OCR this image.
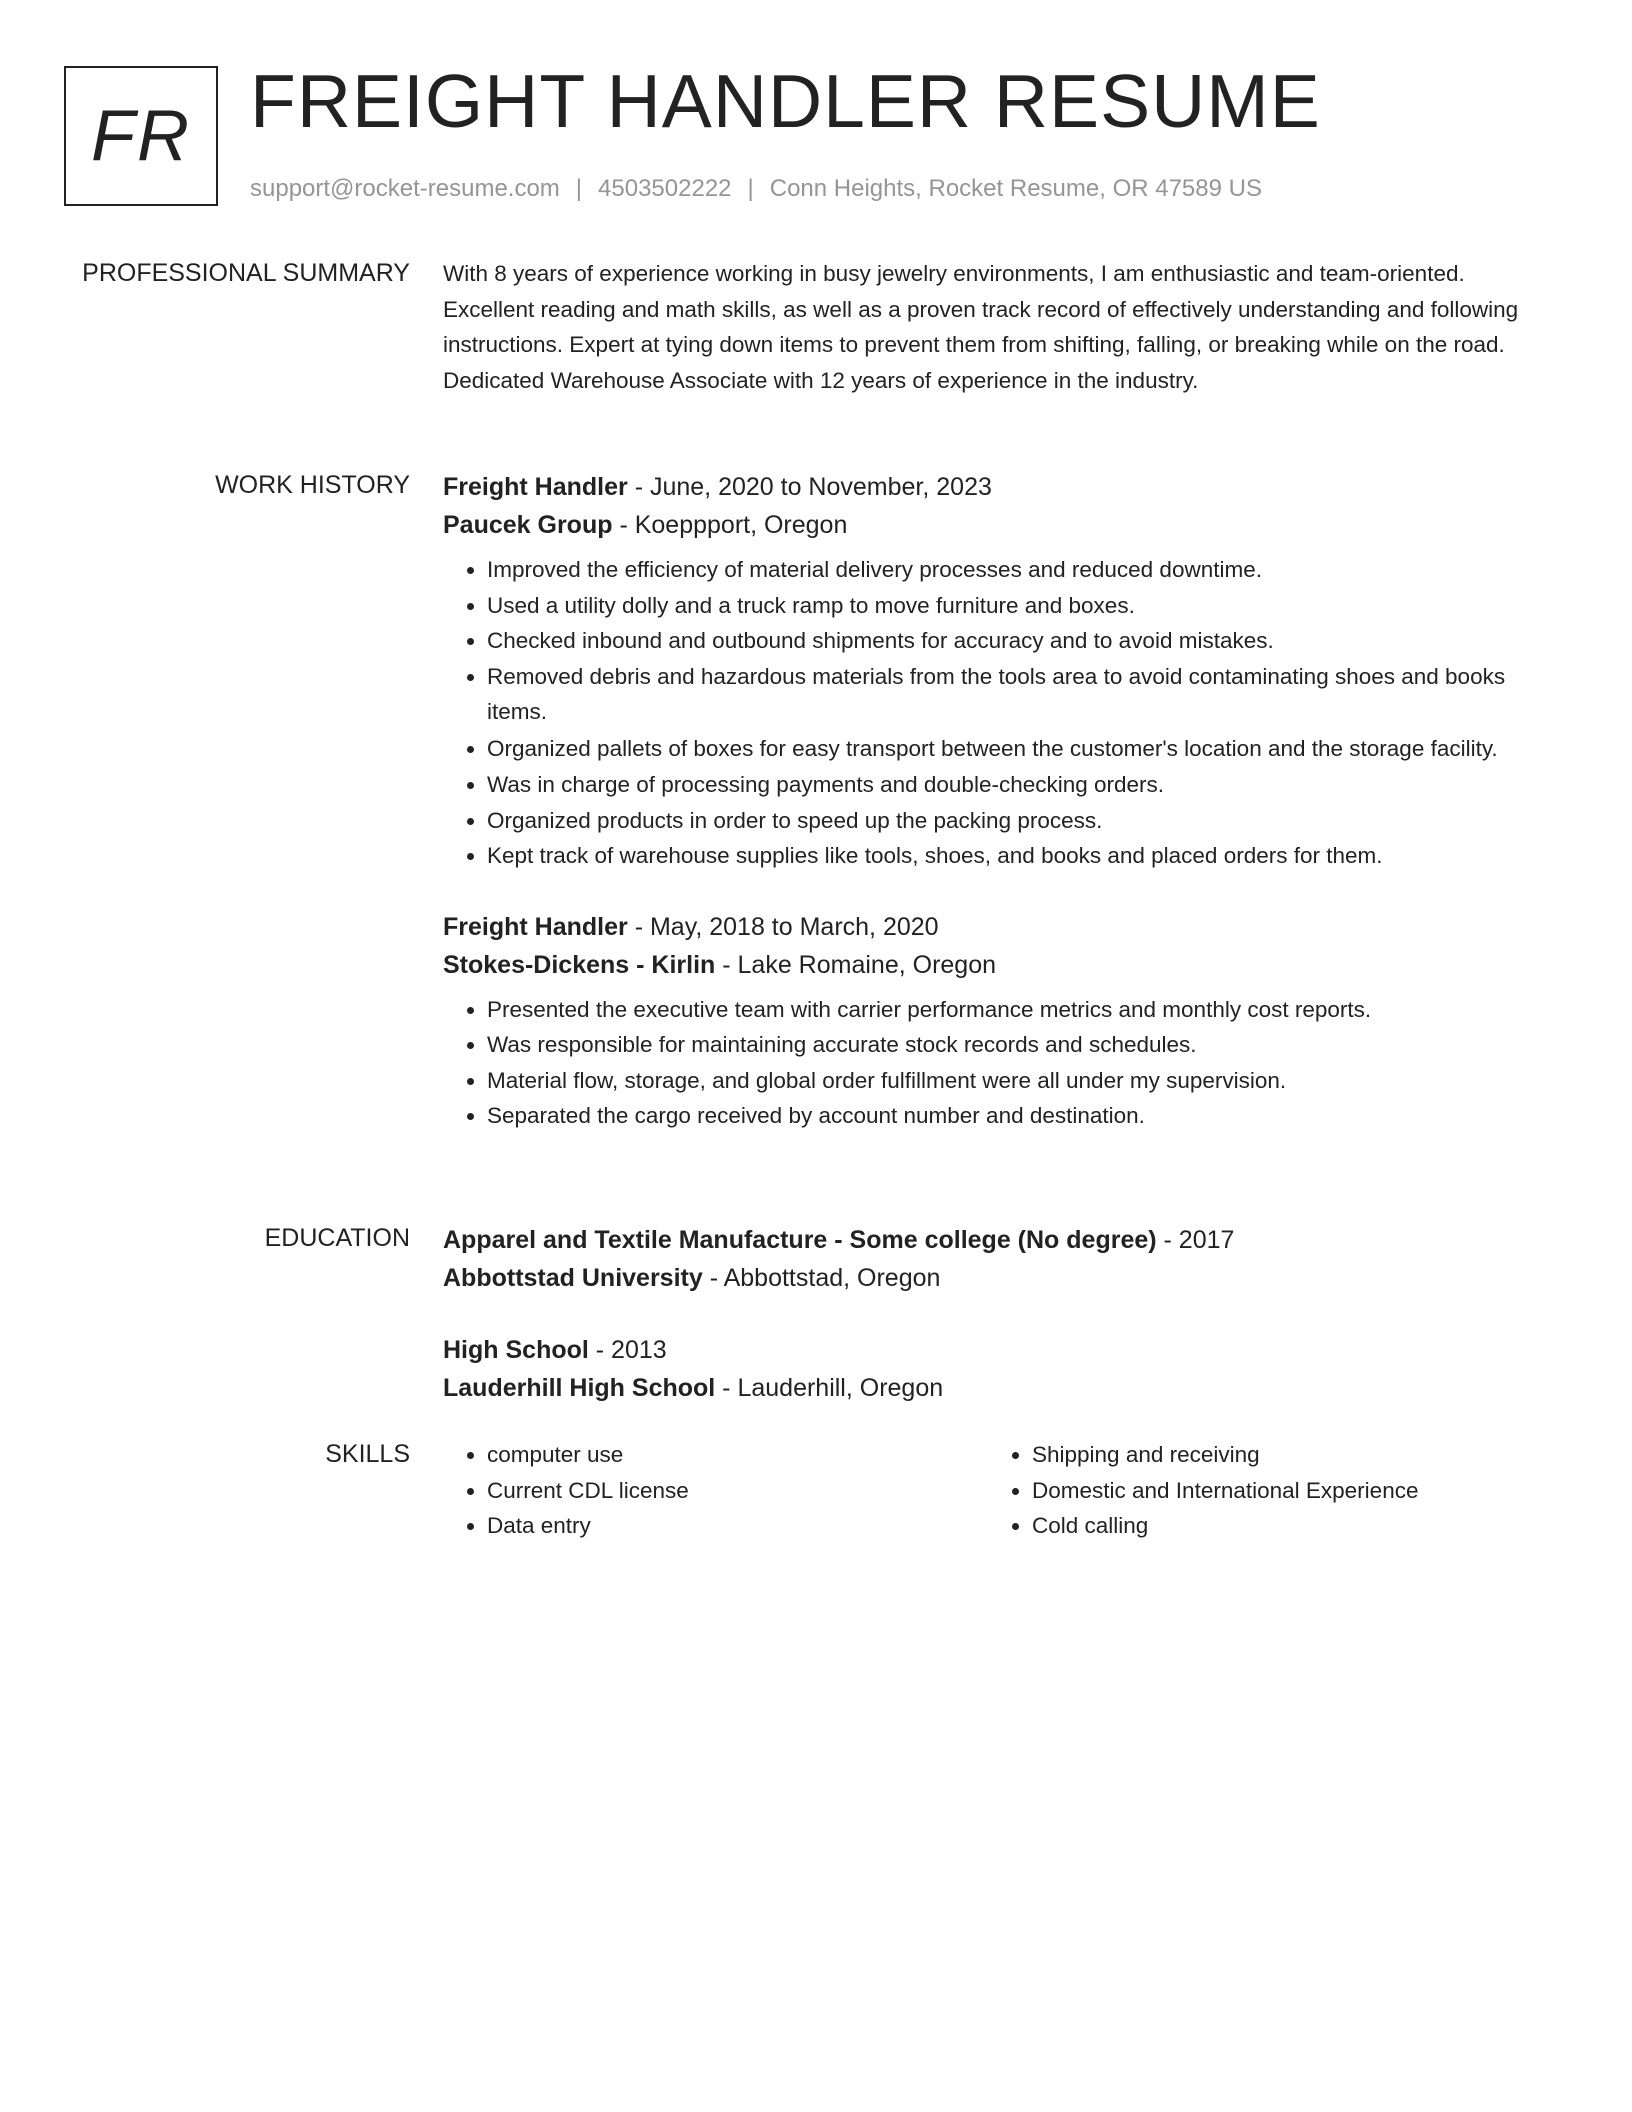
FR FREIGHT HANDLER RESUME
support@rocket-resume.com | 4503502222 | Conn Heights, Rocket Resume, OR 47589 US
PROFESSIONAL SUMMARY With 8 years of experience working in busy jewelry environments, I am enthusiastic and team-oriented. Excellent reading and math skills, as well as a proven track record of effectively understanding and following instructions. Expert at tying down items to prevent them from shifting, falling, or breaking while on the road. Dedicated Warehouse Associate with 12 years of experience in the industry.

WORK HISTORY Freight Handler - June, 2020 to November, 2023
Paucek Group - Koeppport, Oregon
• Improved the efficiency of material delivery processes and reduced downtime.
• Used a utility dolly and a truck ramp to move furniture and boxes.
• Checked inbound and outbound shipments for accuracy and to avoid mistakes.
• Removed debris and hazardous materials from the tools area to avoid contaminating shoes and books items.
• Organized pallets of boxes for easy transport between the customer's location and the storage facility.
• Was in charge of processing payments and double-checking orders.
• Organized products in order to speed up the packing process.
• Kept track of warehouse supplies like tools, shoes, and books and placed orders for them.
Freight Handler - May, 2018 to March, 2020
Stokes-Dickens - Kirlin - Lake Romaine, Oregon
• Presented the executive team with carrier performance metrics and monthly cost reports.
• Was responsible for maintaining accurate stock records and schedules.
• Material flow, storage, and global order fulfillment were all under my supervision.
• Separated the cargo received by account number and destination.
EDUCATION Apparel and Textile Manufacture - Some college (No degree) - 2017
Abbottstad University - Abbottstad, Oregon
High School - 2013
Lauderhill High School - Lauderhill, Oregon
SKILLS
•	computer use
• Current CDL license
• Data entry
• Shipping and receiving
• Domestic and International Experience
• Cold calling
